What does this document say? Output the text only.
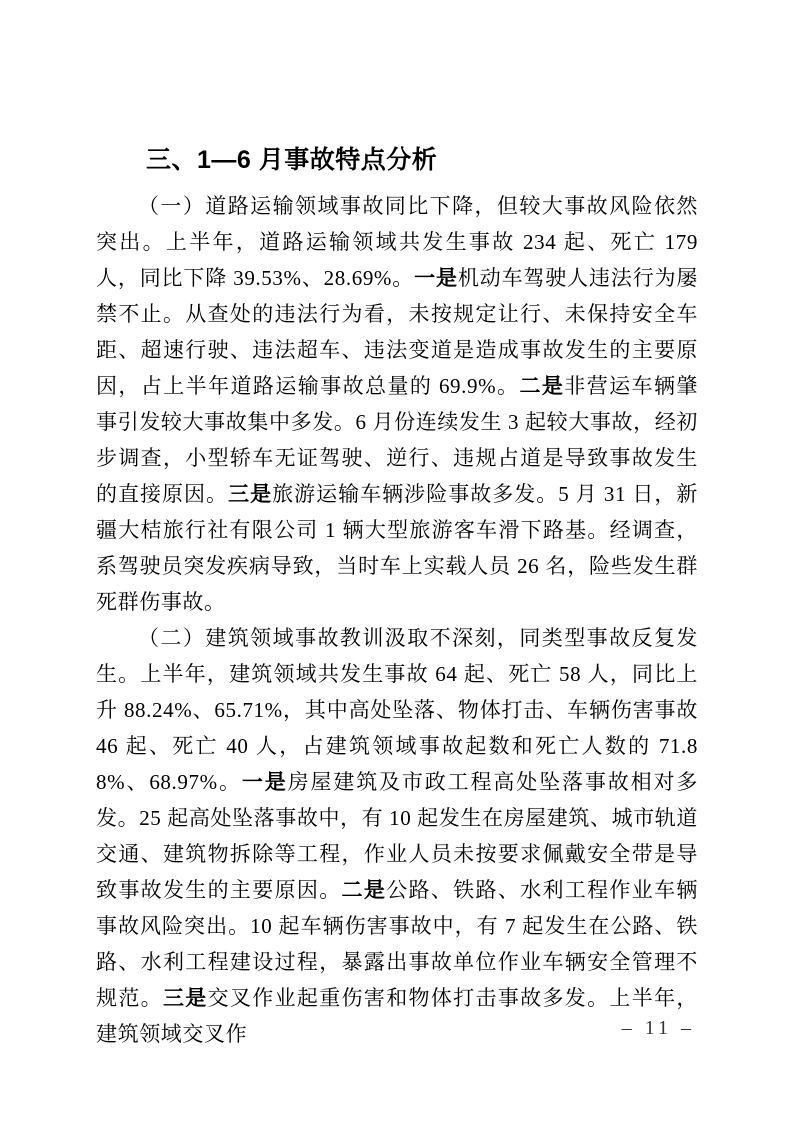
三、1—6 月事故特点分析

（一）道路运输领域事故同比下降，但较大事故风险依然突出。上半年，道路运输领域共发生事故 234 起、死亡 179 人，同比下降 39.53%、28.69%。一是机动车驾驶人违法行为屡禁不止。从查处的违法行为看，未按规定让行、未保持安全车距、超速行驶、违法超车、违法变道是造成事故发生的主要原因，占上半年道路运输事故总量的 69.9%。二是非营运车辆肇事引发较大事故集中多发。6 月份连续发生 3 起较大事故，经初步调查，小型轿车无证驾驶、逆行、违规占道是导致事故发生的直接原因。三是旅游运输车辆涉险事故多发。5 月 31 日，新疆大桔旅行社有限公司 1 辆大型旅游客车滑下路基。经调查，系驾驶员突发疾病导致，当时车上实载人员 26 名，险些发生群死群伤事故。

（二）建筑领域事故教训汲取不深刻，同类型事故反复发生。上半年，建筑领域共发生事故 64 起、死亡 58 人，同比上升 88.24%、65.71%，其中高处坠落、物体打击、车辆伤害事故 46 起、死亡 40 人，占建筑领域事故起数和死亡人数的 71.88%、68.97%。一是房屋建筑及市政工程高处坠落事故相对多发。25 起高处坠落事故中，有 10 起发生在房屋建筑、城市轨道交通、建筑物拆除等工程，作业人员未按要求佩戴安全带是导致事故发生的主要原因。二是公路、铁路、水利工程作业车辆事故风险突出。10 起车辆伤害事故中，有 7 起发生在公路、铁路、水利工程建设过程，暴露出事故单位作业车辆安全管理不规范。三是交叉作业起重伤害和物体打击事故多发。上半年，建筑领域交叉作	– 11 –
